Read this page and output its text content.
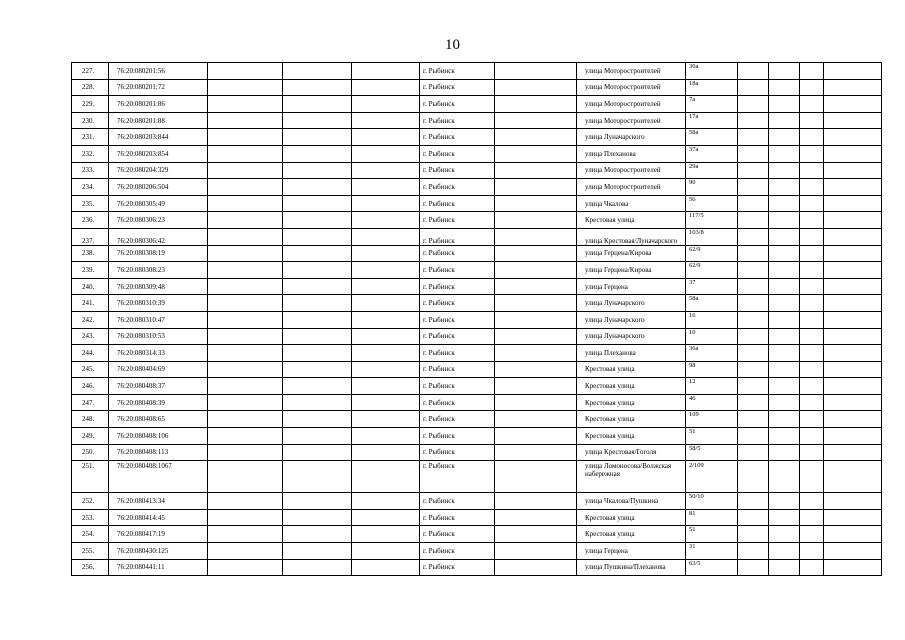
10
227.	76:20:080201:56				г. Рыбинск		улица Моторостроителей	30а				
228.	76:20:080201:72				г. Рыбинск		улица Моторостроителей	18а				
229.	76:20:080201:86				г. Рыбинск		улица Моторостроителей	7а				
230.	76:20:080201:88				г. Рыбинск		улица Моторостроителей	17а				
231.	76:20:080203:844				г. Рыбинск		улица Луначарского	58а				
232.	76:20:080203:854				г. Рыбинск		улица Плеханова	37а				
233.	76:20:080204:329				г. Рыбинск		улица Моторостроителей	29а				
234.	76:20:080206:504				г. Рыбинск		улица Моторостроителей	90				
235.	76:20:080305:49				г. Рыбинск		улица Чкалова	56				
236.	76:20:080306:23				г. Рыбинск		Крестовая улица	117/5				
237.	76:20:080306:42				г. Рыбинск		улица Крестовая/Луначарского	103/8				
238.	76:20:080308:19				г. Рыбинск		улица Герцена/Кирова	62/9				
239.	76:20:080308:23				г. Рыбинск		улица Герцена/Кирова	62/9				
240.	76:20:080309:48				г. Рыбинск		улица Герцена	37				
241.	76:20:080310:39				г. Рыбинск		улица Луначарского	58а				
242.	76:20:080310:47				г. Рыбинск		улица Луначарского	16				
243.	76:20:080310:53				г. Рыбинск		улица Луначарского	10				
244.	76:20:080314:33				г. Рыбинск		улица Плеханова	36а				
245.	76:20:080404:69				г. Рыбинск		Крестовая улица	98				
246.	76:20:080408:37				г. Рыбинск		Крестовая улица	12				
247.	76:20:080408:39				г. Рыбинск		Крестовая улица	46				
248.	76:20:080408:65				г. Рыбинск		Крестовая улица	109				
249.	76:20:080408:106				г. Рыбинск		Крестовая улица	51				
250.	76:20:080408:113				г. Рыбинск		улица Крестовая/Гоголя	58/5				
251.	76:20:080408:1067				г. Рыбинск		улица Ломоносова/Волжская набережная	2/109				
252.	76:20:080413:34				г. Рыбинск		улица Чкалова/Пушкина	50/10				
253.	76:20:080414:45				г. Рыбинск		Крестовая улица	81				
254.	76:20:080417:19				г. Рыбинск		Крестовая улица	51				
255.	76:20:080430:125				г. Рыбинск		улица Герцена	31				
256.	76:20:080441:11				г. Рыбинск		улица Пушкина/Плеханова	63/5				
